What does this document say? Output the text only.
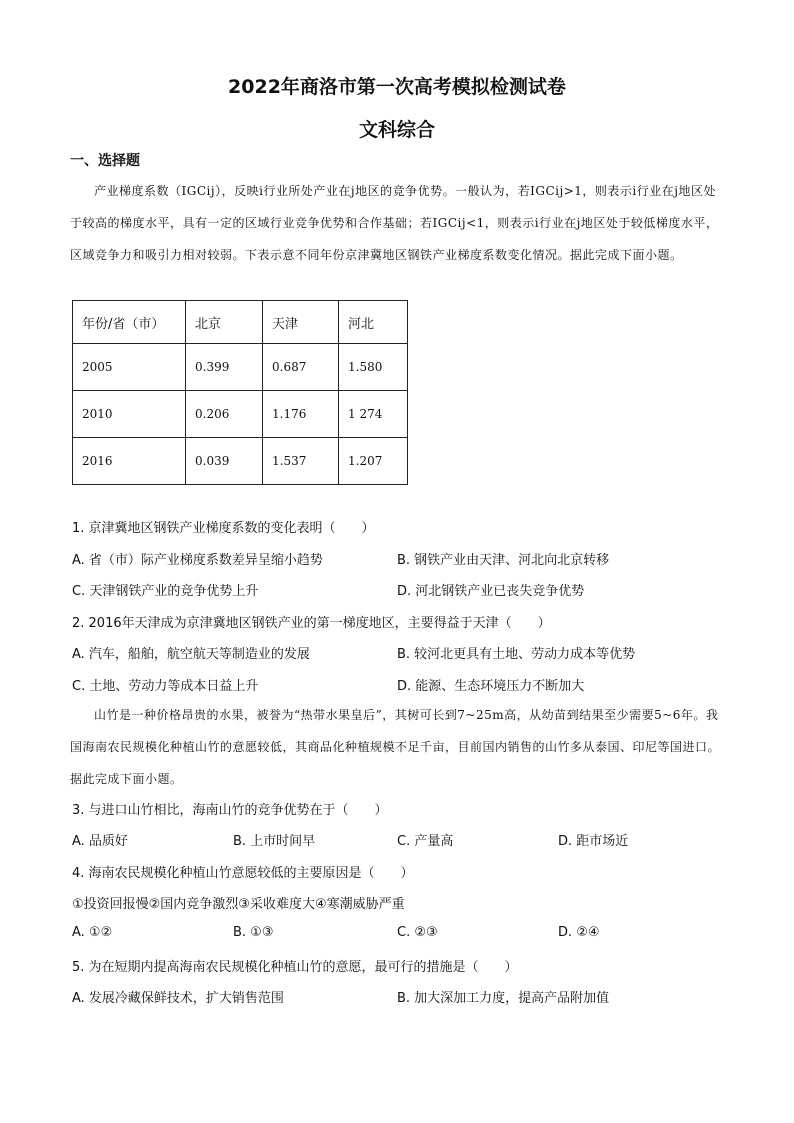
2022年商洛市第一次高考模拟检测试卷
文科综合
一、选择题
产业梯度系数（IGCij），反映i行业所处产业在j地区的竞争优势。一般认为，若IGCij>1，则表示i行业在j地区处于较高的梯度水平，具有一定的区域行业竞争优势和合作基础；若IGCij<1，则表示i行业在j地区处于较低梯度水平，区域竞争力和吸引力相对较弱。下表示意不同年份京津冀地区钢铁产业梯度系数变化情况。据此完成下面小题。
年份/省（市）	北京	天津	河北
2005	0.399	0.687	1.580
2010	0.206	1.176	1 274
2016	0.039	1.537	1.207
1. 京津冀地区钢铁产业梯度系数的变化表明（　　）
A. 省（市）际产业梯度系数差异呈缩小趋势	B. 钢铁产业由天津、河北向北京转移
C. 天津钢铁产业的竞争优势上升	D. 河北钢铁产业已丧失竞争优势
2. 2016年天津成为京津冀地区钢铁产业的第一梯度地区，主要得益于天津（　　）
A. 汽车，船舶，航空航天等制造业的发展	B. 较河北更具有土地、劳动力成本等优势
C. 土地、劳动力等成本日益上升	D. 能源、生态环境压力不断加大
山竹是一种价格昂贵的水果，被誉为“热带水果皇后”，其树可长到7~25m高，从幼苗到结果至少需要5~6年。我国海南农民规模化种植山竹的意愿较低，其商品化种植规模不足千亩，目前国内销售的山竹多从泰国、印尼等国进口。据此完成下面小题。
3. 与进口山竹相比，海南山竹的竞争优势在于（　　）
A. 品质好	B. 上市时间早	C. 产量高	D. 距市场近
4. 海南农民规模化种植山竹意愿较低的主要原因是（　　）
①投资回报慢②国内竞争激烈③采收难度大④寒潮威胁严重
A. ①②	B. ①③	C. ②③	D. ②④
5. 为在短期内提高海南农民规模化种植山竹的意愿，最可行的措施是（　　）
A. 发展冷藏保鲜技术，扩大销售范围	B. 加大深加工力度，提高产品附加值
